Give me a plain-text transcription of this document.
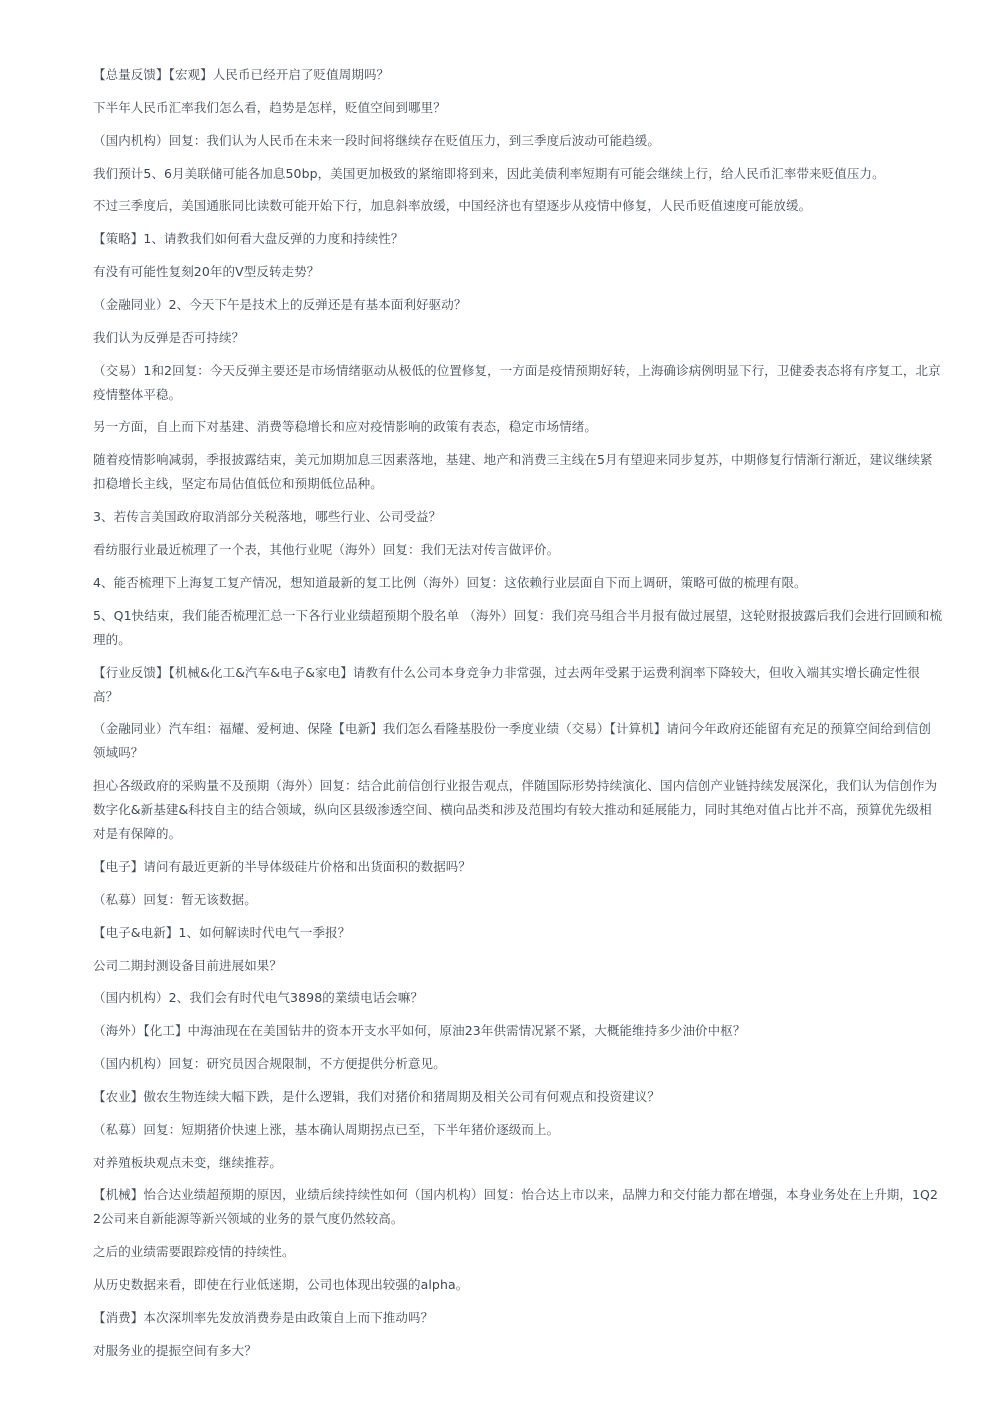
【总量反馈】【宏观】人民币已经开启了贬值周期吗？

下半年人民币汇率我们怎么看，趋势是怎样，贬值空间到哪里？

（国内机构）回复：我们认为人民币在未来一段时间将继续存在贬值压力，到三季度后波动可能趋缓。

我们预计5、6月美联储可能各加息50bp，美国更加极致的紧缩即将到来，因此美债利率短期有可能会继续上行，给人民币汇率带来贬值压力。

不过三季度后，美国通胀同比读数可能开始下行，加息斜率放缓，中国经济也有望逐步从疫情中修复，人民币贬值速度可能放缓。

【策略】1、请教我们如何看大盘反弹的力度和持续性？

有没有可能性复刻20年的V型反转走势？

（金融同业）2、今天下午是技术上的反弹还是有基本面利好驱动？

我们认为反弹是否可持续？

（交易）1和2回复：今天反弹主要还是市场情绪驱动从极低的位置修复，一方面是疫情预期好转，上海确诊病例明显下行，卫健委表态将有序复工，北京疫情整体平稳。

另一方面，自上而下对基建、消费等稳增长和应对疫情影响的政策有表态，稳定市场情绪。

随着疫情影响减弱，季报披露结束，美元加期加息三因素落地，基建、地产和消费三主线在5月有望迎来同步复苏，中期修复行情渐行渐近，建议继续紧扣稳增长主线，坚定布局估值低位和预期低位品种。

3、若传言美国政府取消部分关税落地，哪些行业、公司受益？

看纺服行业最近梳理了一个表，其他行业呢（海外）回复：我们无法对传言做评价。

4、能否梳理下上海复工复产情况，想知道最新的复工比例（海外）回复：这依赖行业层面自下而上调研，策略可做的梳理有限。

5、Q1快结束，我们能否梳理汇总一下各行业业绩超预期个股名单 （海外）回复：我们亮马组合半月报有做过展望，这轮财报披露后我们会进行回顾和梳理的。

【行业反馈】【机械&化工&汽车&电子&家电】请教有什么公司本身竞争力非常强，过去两年受累于运费利润率下降较大，但收入端其实增长确定性很高？

（金融同业）汽车组：福耀、爱柯迪、保隆【电新】我们怎么看隆基股份一季度业绩（交易）【计算机】请问今年政府还能留有充足的预算空间给到信创领域吗？

担心各级政府的采购量不及预期（海外）回复：结合此前信创行业报告观点，伴随国际形势持续演化、国内信创产业链持续发展深化，我们认为信创作为数字化&新基建&科技自主的结合领域，纵向区县级渗透空间、横向品类和涉及范围均有较大推动和延展能力，同时其绝对值占比并不高，预算优先级相对是有保障的。

【电子】请问有最近更新的半导体级硅片价格和出货面积的数据吗？

（私募）回复：暂无该数据。

【电子&电新】1、如何解读时代电气一季报？

公司二期封测设备目前进展如果？

（国内机构）2、我们会有时代电气3898的業绩电话会嘛？

（海外）【化工】中海油现在在美国钻井的资本开支水平如何，原油23年供需情况紧不紧，大概能维持多少油价中枢？

（国内机构）回复：研究员因合规限制，不方便提供分析意见。

【农业】傲农生物连续大幅下跌，是什么逻辑，我们对猪价和猪周期及相关公司有何观点和投资建议？

（私募）回复：短期猪价快速上涨，基本确认周期拐点已至，下半年猪价逐级而上。

对养殖板块观点未变，继续推荐。

【机械】怡合达业绩超预期的原因，业绩后续持续性如何（国内机构）回复：怡合达上市以来，品牌力和交付能力都在增强，本身业务处在上升期，1Q22公司来自新能源等新兴领域的业务的景气度仍然较高。

之后的业绩需要跟踪疫情的持续性。

从历史数据来看，即使在行业低迷期，公司也体现出较强的alpha。

【消费】本次深圳率先发放消费券是由政策自上而下推动吗？

对服务业的提振空间有多大？
